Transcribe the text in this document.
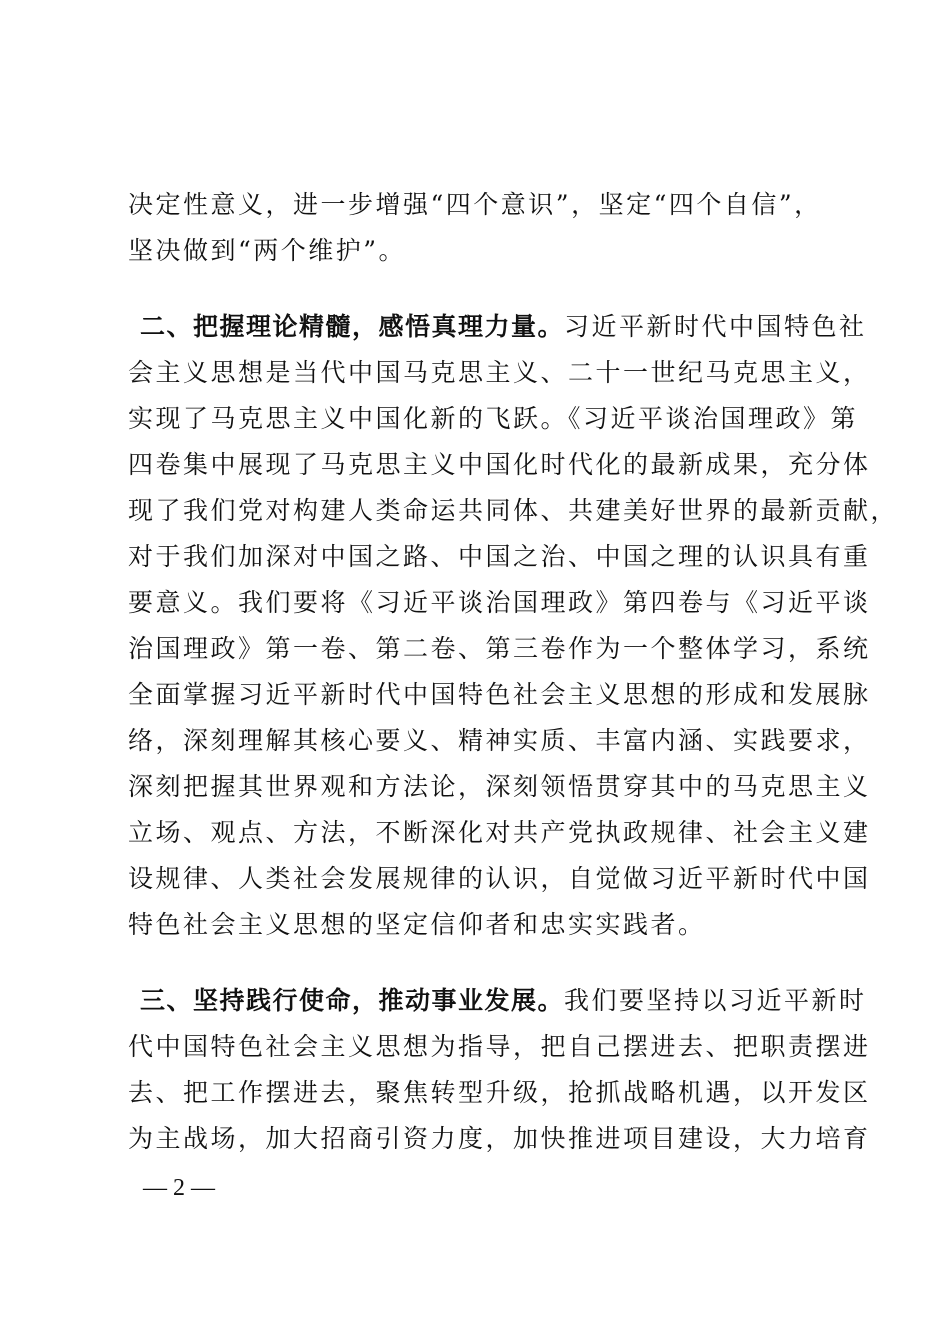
决定性意义，进一步增强“四个意识”，坚定“四个自信”，
坚决做到“两个维护”。
二、把握理论精髓，感悟真理力量。习近平新时代中国特色社
会主义思想是当代中国马克思主义、二十一世纪马克思主义，
实现了马克思主义中国化新的飞跃。《习近平谈治国理政》第
四卷集中展现了马克思主义中国化时代化的最新成果，充分体
现了我们党对构建人类命运共同体、共建美好世界的最新贡献，
对于我们加深对中国之路、中国之治、中国之理的认识具有重
要意义。我们要将《习近平谈治国理政》第四卷与《习近平谈
治国理政》第一卷、第二卷、第三卷作为一个整体学习，系统
全面掌握习近平新时代中国特色社会主义思想的形成和发展脉
络，深刻理解其核心要义、精神实质、丰富内涵、实践要求，
深刻把握其世界观和方法论，深刻领悟贯穿其中的马克思主义
立场、观点、方法，不断深化对共产党执政规律、社会主义建
设规律、人类社会发展规律的认识，自觉做习近平新时代中国
特色社会主义思想的坚定信仰者和忠实实践者。
三、坚持践行使命，推动事业发展。我们要坚持以习近平新时
代中国特色社会主义思想为指导，把自己摆进去、把职责摆进
去、把工作摆进去，聚焦转型升级，抢抓战略机遇，以开发区
为主战场，加大招商引资力度，加快推进项目建设，大力培育
— 2 —
